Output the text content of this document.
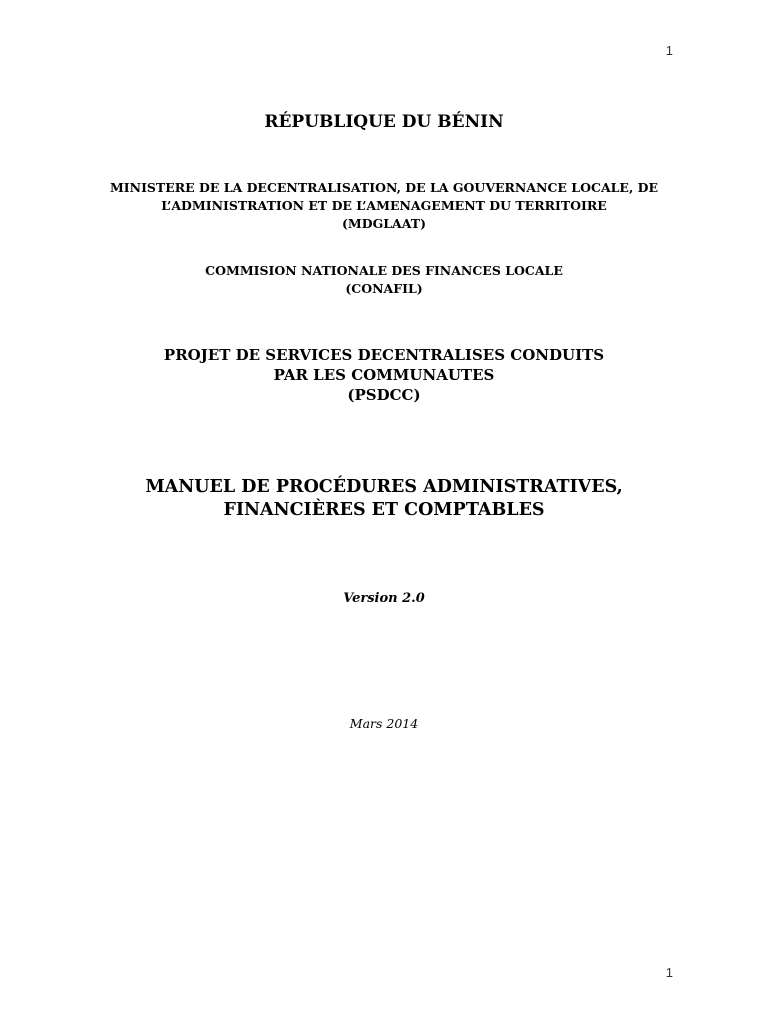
1
RÉPUBLIQUE DU BÉNIN
MINISTERE DE LA DECENTRALISATION, DE LA GOUVERNANCE LOCALE, DE
L’ADMINISTRATION ET DE L’AMENAGEMENT DU TERRITOIRE
(MDGLAAT)
COMMISION NATIONALE DES FINANCES LOCALE
(CONAFIL)
PROJET DE SERVICES DECENTRALISES CONDUITS
PAR LES COMMUNAUTES
(PSDCC)
MANUEL DE PROCÉDURES ADMINISTRATIVES,
FINANCIÈRES ET COMPTABLES
Version 2.0
Mars 2014
1
